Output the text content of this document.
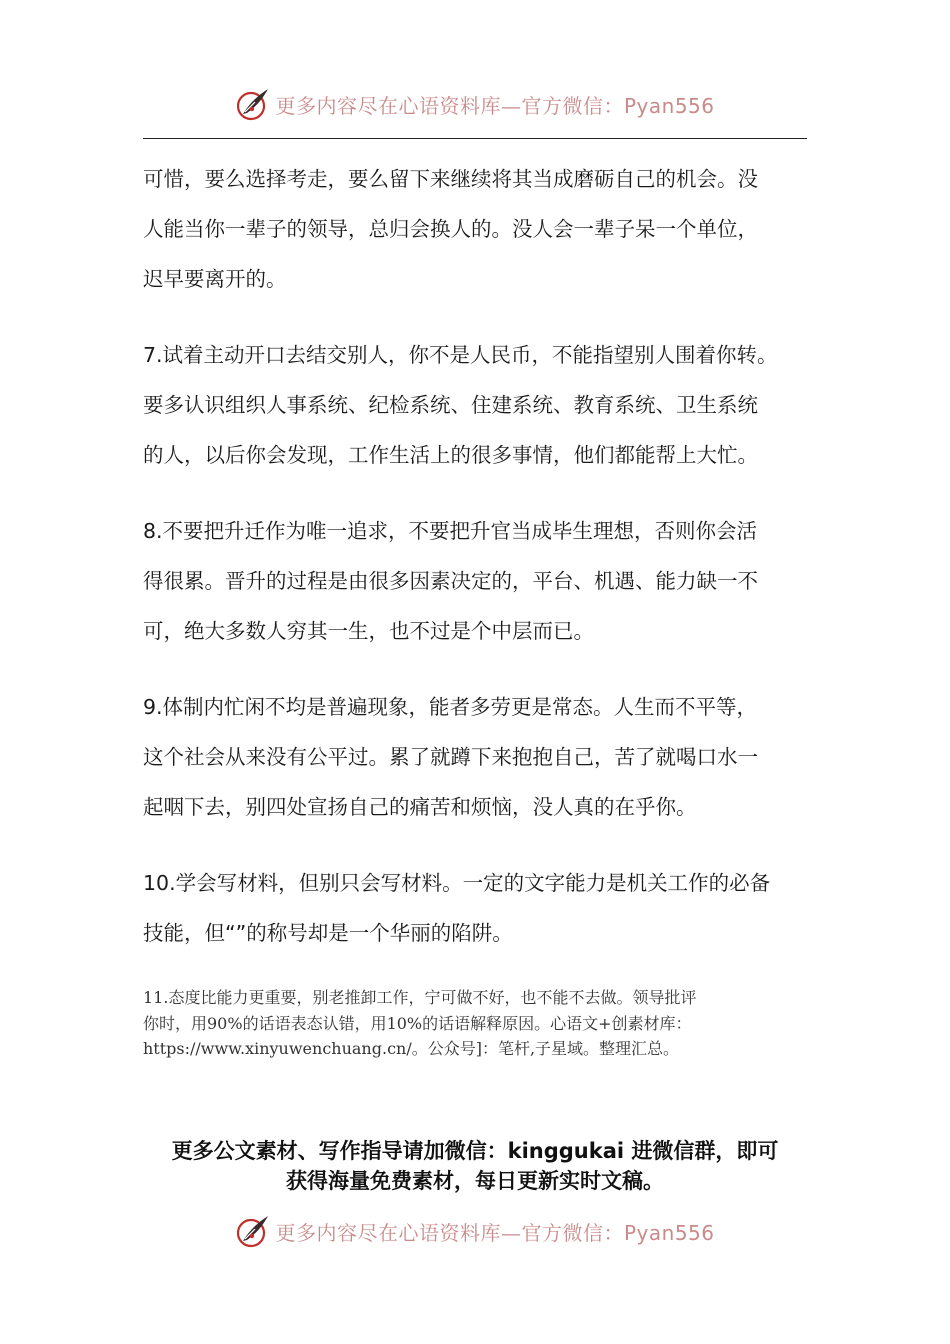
更多内容尽在心语资料库—官方微信：Pyan556

可惜，要么选择考走，要么留下来继续将其当成磨砺自己的机会。没
人能当你一辈子的领导，总归会换人的。没人会一辈子呆一个单位，
迟早要离开的。

7.试着主动开口去结交别人，你不是人民币，不能指望别人围着你转。
要多认识组织人事系统、纪检系统、住建系统、教育系统、卫生系统
的人，以后你会发现，工作生活上的很多事情，他们都能帮上大忙。

8.不要把升迁作为唯一追求，不要把升官当成毕生理想，否则你会活
得很累。晋升的过程是由很多因素决定的，平台、机遇、能力缺一不
可，绝大多数人穷其一生，也不过是个中层而已。

9.体制内忙闲不均是普遍现象，能者多劳更是常态。人生而不平等，
这个社会从来没有公平过。累了就蹲下来抱抱自己，苦了就喝口水一
起咽下去，别四处宣扬自己的痛苦和烦恼，没人真的在乎你。

10.学会写材料，但别只会写材料。一定的文字能力是机关工作的必备
技能，但“”的称号却是一个华丽的陷阱。

11.态度比能力更重要，别老推卸工作，宁可做不好，也不能不去做。领导批评
你时，用90%的话语表态认错，用10%的话语解释原因。心语文+创素材库：
https://www.xinyuwenchuang.cn/。公众号]：笔杆,子星域。整理汇总。

更多公文素材、写作指导请加微信：kinggukai 进微信群，即可
获得海量免费素材，每日更新实时文稿。
更多内容尽在心语资料库—官方微信：Pyan556
